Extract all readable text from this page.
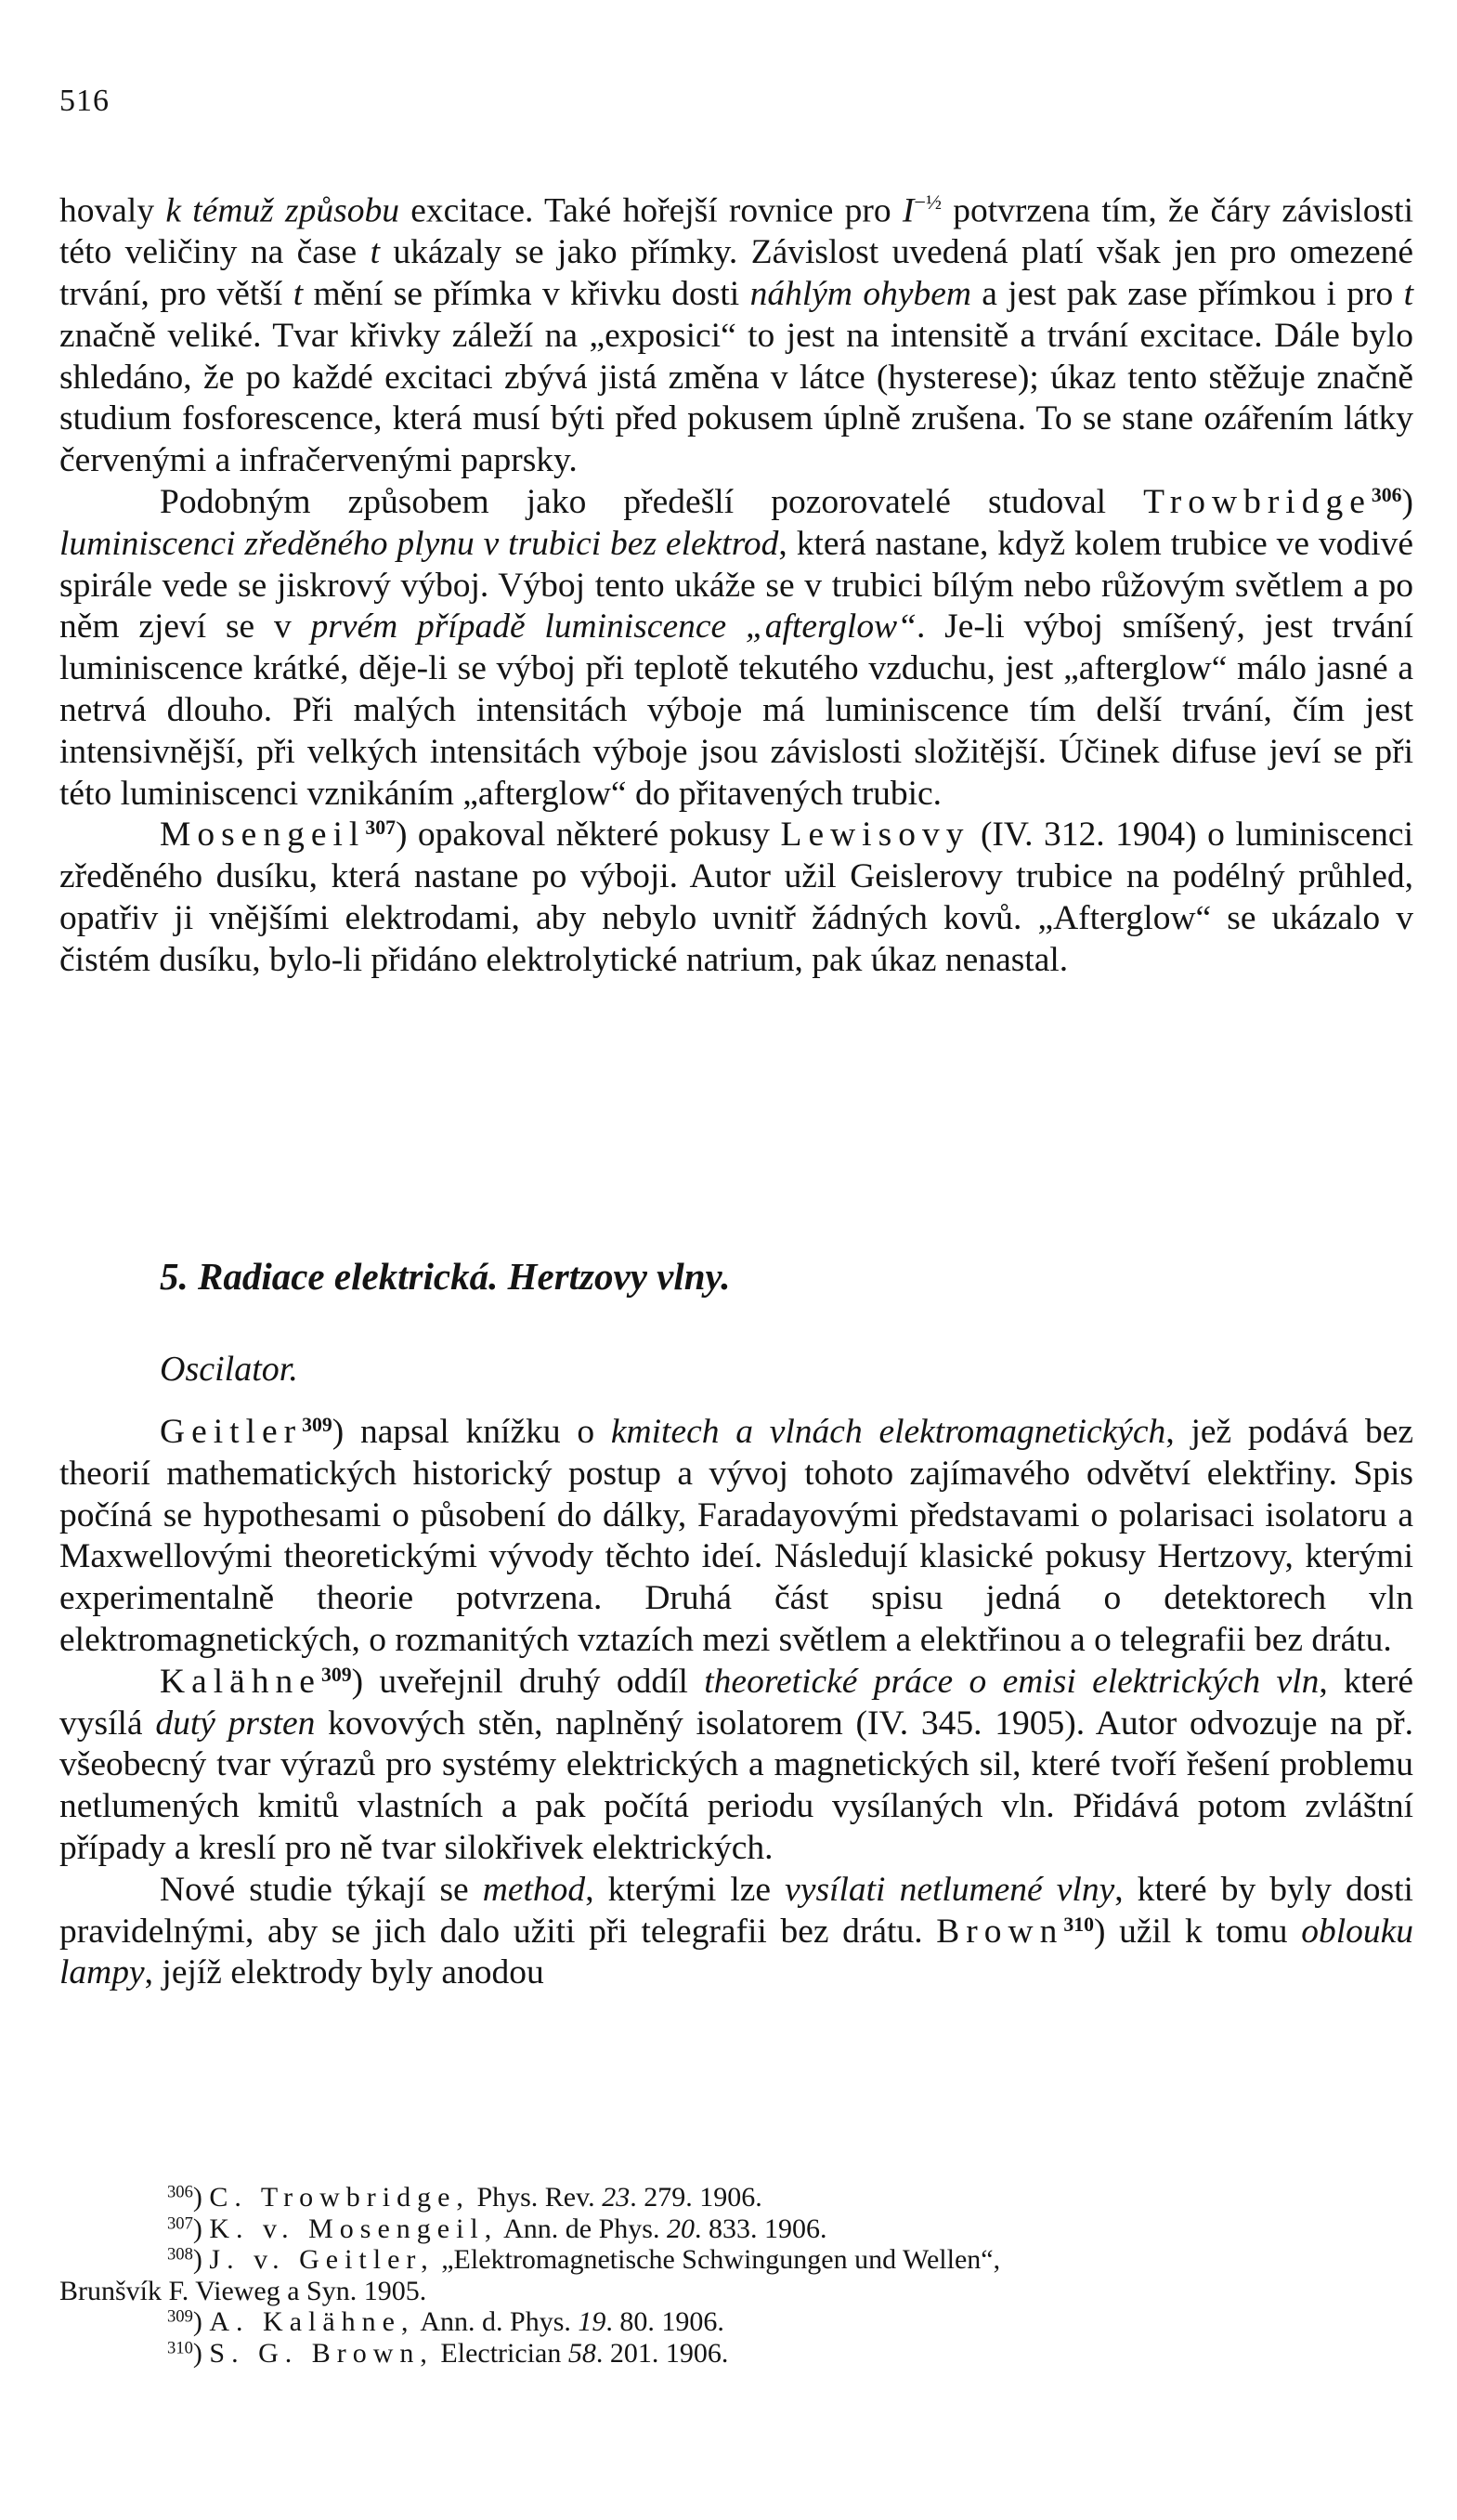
516

hovaly k témuž způsobu excitace. Také hořejší rovnice pro $I^{-\frac{1}{2}}$ potvrzena tím, že čáry závislosti této veličiny na čase t ukázaly se jako přímky. Závislost uvedená platí však jen pro omezené trvání, pro větší t mění se přímka v křivku dosti náhlým ohybem a jest pak zase přímkou i pro t značně veliké. Tvar křivky záleží na „exposici“ to jest na intensitě a trvání excitace. Dále bylo shledáno, že po každé excitaci zbývá jistá změna v látce (hysterese); úkaz tento stěžuje značně studium fosforescence, která musí býti před pokusem úplně zrušena. To se stane ozářením látky červenými a infračervenými paprsky.

Podobným způsobem jako předešlí pozorovatelé studoval Trowbridge$^{306}$) luminiscenci zředěného plynu v trubici bez elektrod, která nastane, když kolem trubice ve vodivé spirále vede se jiskrový výboj. Výboj tento ukáže se v trubici bílým nebo růžovým světlem a po něm zjeví se v prvém případě luminiscence „afterglow“. Je-li výboj smíšený, jest trvání luminiscence krátké, děje-li se výboj při teplotě tekutého vzduchu, jest „afterglow“ málo jasné a netrvá dlouho. Při malých intensitách výboje má luminiscence tím delší trvání, čím jest intensivnější, při velkých intensitách výboje jsou závislosti složitější. Účinek difuse jeví se při této luminiscenci vznikáním „afterglow“ do přitavených trubic.

Mosengeil$^{307}$) opakoval některé pokusy Lewisovy (IV. 312. 1904) o luminiscenci zředěného dusíku, která nastane po výboji. Autor užil Geislerovy trubice na podélný průhled, opatřiv ji vnějšími elektrodami, aby nebylo uvnitř žádných kovů. „Afterglow“ se ukázalo v čistém dusíku, bylo-li přidáno elektrolytické natrium, pak úkaz nenastal.

5. Radiace elektrická. Hertzovy vlny.
Oscilator.

Geitler$^{309}$) napsal knížku o kmitech a vlnách elektromagnetických, jež podává bez theorií mathematických historický postup a vývoj tohoto zajímavého odvětví elektřiny. Spis počíná se hypothesami o působení do dálky, Faradayovými představami o polarisaci isolatoru a Maxwellovými theoretickými vývody těchto ideí. Následují klasické pokusy Hertzovy, kterými experimentalně theorie potvrzena. Druhá část spisu jedná o detektorech vln elektromagnetických, o rozmanitých vztazích mezi světlem a elektřinou a o telegrafii bez drátu.

Kalähne$^{309}$) uveřejnil druhý oddíl theoretické práce o emisi elektrických vln, které vysílá dutý prsten kovových stěn, naplněný isolatorem (IV. 345. 1905). Autor odvozuje na př. všeobecný tvar výrazů pro systémy elektrických a magnetických sil, které tvoří řešení problemu netlumených kmitů vlastních a pak počítá periodu vysílaných vln. Přidává potom zvláštní případy a kreslí pro ně tvar silokřivek elektrických.

Nové studie týkají se method, kterými lze vysílati netlumené vlny, které by byly dosti pravidelnými, aby se jich dalo užiti při telegrafii bez drátu. Brown$^{310}$) užil k tomu oblouku lampy, jejíž elektrody byly anodou

$^{306}$) C. Trowbridge, Phys. Rev. 23. 279. 1906.

$^{307}$) K. v. Mosengeil, Ann. de Phys. 20. 833. 1906.

$^{308}$) J. v. Geitler, „Elektromagnetische Schwingungen und Wellen“,

Brunšvík F. Vieweg a Syn. 1905.

$^{309}$) A. Kalähne, Ann. d. Phys. 19. 80. 1906.

$^{310}$) S. G. Brown, Electrician 58. 201. 1906.
